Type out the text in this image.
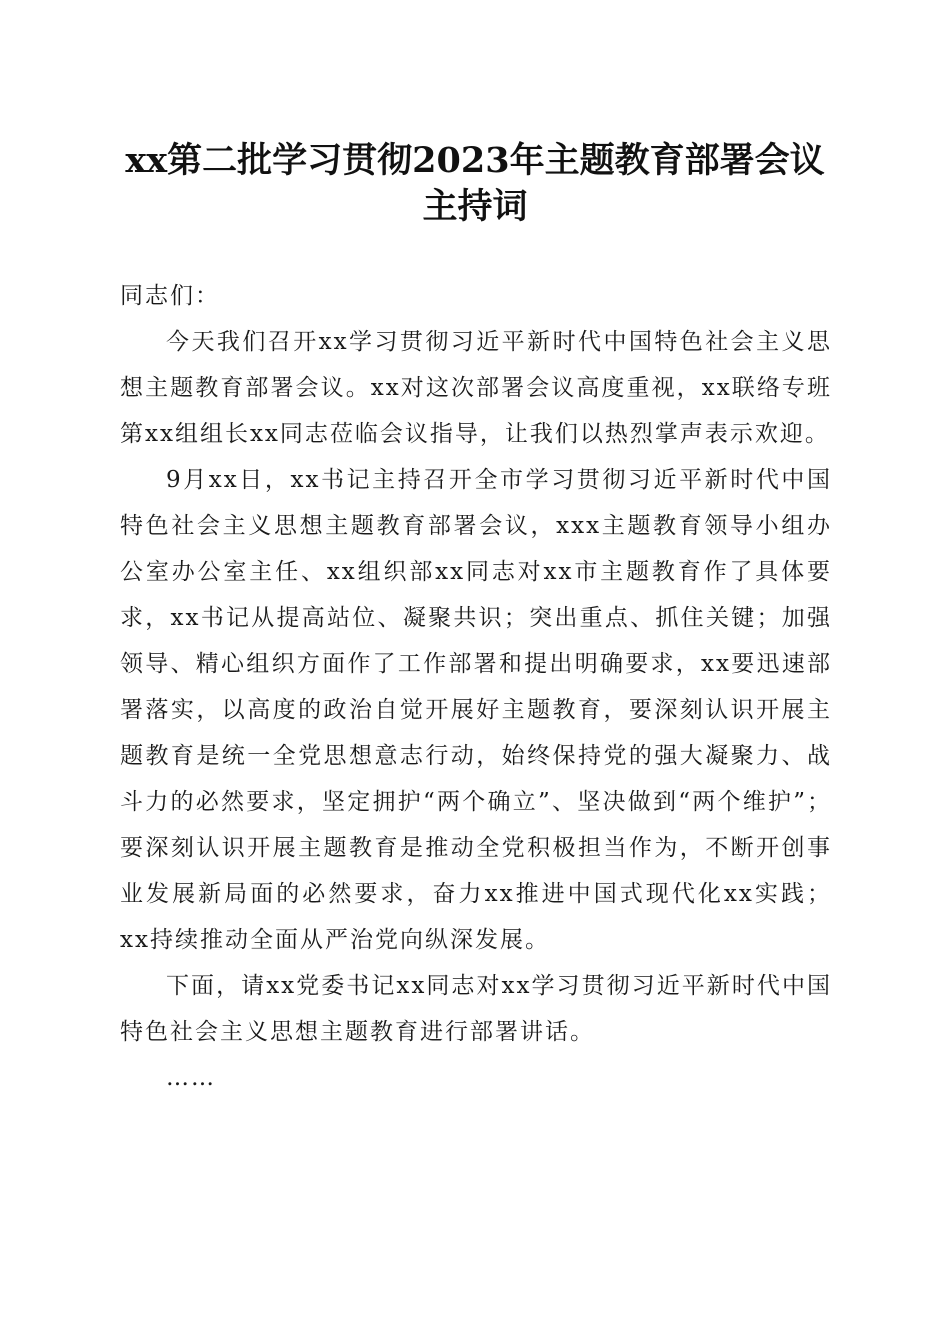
xx第二批学习贯彻2023年主题教育部署会议
主持词

同志们：

今天我们召开xx学习贯彻习近平新时代中国特色社会主义思想主题教育部署会议。xx对这次部署会议高度重视，xx联络专班第xx组组长xx同志莅临会议指导，让我们以热烈掌声表示欢迎。

9月xx日，xx书记主持召开全市学习贯彻习近平新时代中国特色社会主义思想主题教育部署会议，xxx主题教育领导小组办公室办公室主任、xx组织部xx同志对xx市主题教育作了具体要求，xx书记从提高站位、凝聚共识；突出重点、抓住关键；加强领导、精心组织方面作了工作部署和提出明确要求，xx要迅速部署落实，以高度的政治自觉开展好主题教育，要深刻认识开展主题教育是统一全党思想意志行动，始终保持党的强大凝聚力、战斗力的必然要求，坚定拥护“两个确立”、坚决做到“两个维护”；要深刻认识开展主题教育是推动全党积极担当作为，不断开创事业发展新局面的必然要求，奋力xx推进中国式现代化xx实践；xx持续推动全面从严治党向纵深发展。

下面，请xx党委书记xx同志对xx学习贯彻习近平新时代中国特色社会主义思想主题教育进行部署讲话。

……
